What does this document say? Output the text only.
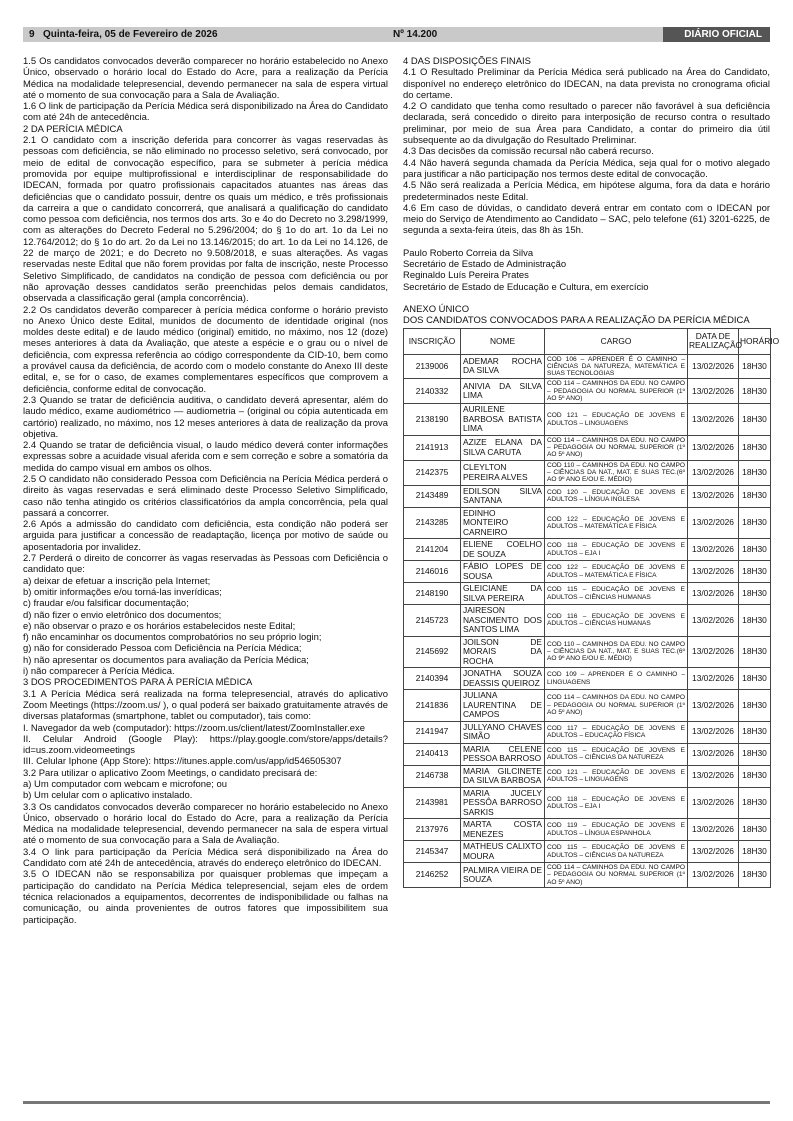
9 Quinta-feira, 05 de Fevereiro de 2026	Nº 14.200	DIÁRIO OFICIAL

1.5 Os candidatos convocados deverão comparecer no horário estabelecido no Anexo Único, observado o horário local do Estado do Acre, para a realização da Perícia Médica na modalidade telepresencial, devendo permanecer na sala de espera virtual até o momento de sua convocação para a Sala de Avaliação.

1.6 O link de participação da Perícia Médica será disponibilizado na Área do Candidato com até 24h de antecedência.

2 DA PERÍCIA MÉDICA

2.1 O candidato com a inscrição deferida para concorrer às vagas reservadas às pessoas com deficiência, se não eliminado no processo seletivo, será convocado, por meio de edital de convocação específico, para se submeter à perícia médica promovida por equipe multiprofissional e interdisciplinar de responsabilidade do IDECAN, formada por quatro profissionais capacitados atuantes nas áreas das deficiências que o candidato possuir, dentre os quais um médico, e três profissionais da carreira a que o candidato concorrerá, que analisará a qualificação do candidato como pessoa com deficiência, nos termos dos arts. 3o e 4o do Decreto no 3.298/1999, com as alterações do Decreto Federal no 5.296/2004; do § 1o do art. 1o da Lei no 12.764/2012; do § 1o do art. 2o da Lei no 13.146/2015; do art. 1o da Lei no 14.126, de 22 de março de 2021; e do Decreto no 9.508/2018, e suas alterações. As vagas reservadas neste Edital que não forem providas por falta de inscrição, neste Processo Seletivo Simplificado, de candidatos na condição de pessoa com deficiência ou por não aprovação desses candidatos serão preenchidas pelos demais candidatos, observada a classificação geral (ampla concorrência).

2.2 Os candidatos deverão comparecer à perícia médica conforme o horário previsto no Anexo Único deste Edital, munidos de documento de identidade original (nos moldes deste edital) e de laudo médico (original) emitido, no máximo, nos 12 (doze) meses anteriores à data da Avaliação, que ateste a espécie e o grau ou o nível de deficiência, com expressa referência ao código correspondente da CID-10, bem como a provável causa da deficiência, de acordo com o modelo constante do Anexo III deste edital, e, se for o caso, de exames complementares específicos que comprovem a deficiência, conforme edital de convocação.

2.3 Quando se tratar de deficiência auditiva, o candidato deverá apresentar, além do laudo médico, exame audiométrico — audiometria – (original ou cópia autenticada em cartório) realizado, no máximo, nos 12 meses anteriores à data de realização da prova objetiva.

2.4 Quando se tratar de deficiência visual, o laudo médico deverá conter informações expressas sobre a acuidade visual aferida com e sem correção e sobre a somatória da medida do campo visual em ambos os olhos.

2.5 O candidato não considerado Pessoa com Deficiência na Perícia Médica perderá o direito às vagas reservadas e será eliminado deste Processo Seletivo Simplificado, caso não tenha atingido os critérios classificatórios da ampla concorrência, pela qual passará a concorrer.

2.6 Após a admissão do candidato com deficiência, esta condição não poderá ser arguida para justificar a concessão de readaptação, licença por motivo de saúde ou aposentadoria por invalidez.

2.7 Perderá o direito de concorrer às vagas reservadas às Pessoas com Deficiência o candidato que:

a) deixar de efetuar a inscrição pela Internet;

b) omitir informações e/ou torná-las inverídicas;

c) fraudar e/ou falsificar documentação;

d) não fizer o envio eletrônico dos documentos;

e) não observar o prazo e os horários estabelecidos neste Edital;

f) não encaminhar os documentos comprobatórios no seu próprio login;

g) não for considerado Pessoa com Deficiência na Perícia Médica;

h) não apresentar os documentos para avaliação da Perícia Médica;

i) não comparecer à Perícia Médica.

3 DOS PROCEDIMENTOS PARA À PERÍCIA MÉDICA

3.1 A Perícia Médica será realizada na forma telepresencial, através do aplicativo Zoom Meetings (https://zoom.us/ ), o qual poderá ser baixado gratuitamente através de diversas plataformas (smartphone, tablet ou computador), tais como:

I. Navegador da web (computador): https://zoom.us/client/latest/ZoomInstaller.exe

II. Celular Android (Google Play): https://play.google.com/store/apps/details?id=us.zoom.videomeetings

III. Celular Iphone (App Store): https://itunes.apple.com/us/app/id546505307

3.2 Para utilizar o aplicativo Zoom Meetings, o candidato precisará de:

a) Um computador com webcam e microfone; ou

b) Um celular com o aplicativo instalado.

3.3 Os candidatos convocados deverão comparecer no horário estabelecido no Anexo Único, observado o horário local do Estado do Acre, para a realização da Perícia Médica na modalidade telepresencial, devendo permanecer na sala de espera virtual até o momento de sua convocação para a Sala de Avaliação.

3.4 O link para participação da Perícia Médica será disponibilizado na Área do Candidato com até 24h de antecedência, através do endereço eletrônico do IDECAN.

3.5 O IDECAN não se responsabiliza por quaisquer problemas que impeçam a participação do candidato na Perícia Médica telepresencial, sejam eles de ordem técnica relacionados a equipamentos, decorrentes de indisponibilidade ou falhas na comunicação, ou ainda provenientes de outros fatores que impossibilitem sua participação.

4 DAS DISPOSIÇÕES FINAIS

4.1 O Resultado Preliminar da Perícia Médica será publicado na Área do Candidato, disponível no endereço eletrônico do IDECAN, na data prevista no cronograma oficial do certame.

4.2 O candidato que tenha como resultado o parecer não favorável à sua deficiência declarada, será concedido o direito para interposição de recurso contra o resultado preliminar, por meio de sua Área para Candidato, a contar do primeiro dia útil subsequente ao da divulgação do Resultado Preliminar.

4.3 Das decisões da comissão recursal não caberá recurso.

4.4 Não haverá segunda chamada da Perícia Médica, seja qual for o motivo alegado para justificar a não participação nos termos deste edital de convocação.

4.5 Não será realizada a Perícia Médica, em hipótese alguma, fora da data e horário predeterminados neste Edital.

4.6 Em caso de dúvidas, o candidato deverá entrar em contato com o IDECAN por meio do Serviço de Atendimento ao Candidato – SAC, pelo telefone (61) 3201-6225, de segunda a sexta-feira úteis, das 8h às 15h.

Paulo Roberto Correia da Silva

Secretário de Estado de Administração

Reginaldo Luís Pereira Prates

Secretário de Estado de Educação e Cultura, em exercício

ANEXO ÚNICO
DOS CANDIDATOS CONVOCADOS PARA A REALIZAÇÃO DA PERÍCIA MÉDICA
INSCRIÇÃO	NOME	CARGO	DATA DE REALIZAÇÃO	HORÁRIO
2139006	ADEMAR ROCHA DA SILVA	COD 106 – APRENDER É O CAMINHO – CIÊNCIAS DA NATUREZA, MATEMÁTICA E SUAS TECNOLOGIAS	13/02/2026	18H30
2140332	ANIVIA DA SILVA LIMA	COD 114 – CAMINHOS DA EDU. NO CAMPO – PEDAGOGIA OU NORMAL SUPERIOR (1º AO 5º ANO)	13/02/2026	18H30
2138190	AURILENE BARBOSA BATISTA LIMA	COD 121 – EDUCAÇÃO DE JOVENS E ADULTOS – LINGUAGENS	13/02/2026	18H30
2141913	AZIZE ELANA DA SILVA CARUTA	COD 114 – CAMINHOS DA EDU. NO CAMPO – PEDAGOGIA OU NORMAL SUPERIOR (1º AO 5º ANO)	13/02/2026	18H30
2142375	CLEYLTON PEREIRA ALVES	COD 110 – CAMINHOS DA EDU. NO CAMPO – CIÊNCIAS DA NAT., MAT. E SUAS TEC.(6º AO 9º ANO E/OU E. MÉDIO)	13/02/2026	18H30
2143489	EDILSON SILVA SANTANA	COD 120 – EDUCAÇÃO DE JOVENS E ADULTOS – LÍNGUA INGLESA	13/02/2026	18H30
2143285	EDINHO MONTEIRO CARNEIRO	COD 122 – EDUCAÇÃO DE JOVENS E ADULTOS – MATEMÁTICA E FÍSICA	13/02/2026	18H30
2141204	ELIENE COELHO DE SOUZA	COD 118 – EDUCAÇÃO DE JOVENS E ADULTOS – EJA I	13/02/2026	18H30
2146016	FÁBIO LOPES DE SOUSA	COD 122 – EDUCAÇÃO DE JOVENS E ADULTOS – MATEMÁTICA E FÍSICA	13/02/2026	18H30
2148190	GLEICIANE DA SILVA PEREIRA	COD 115 – EDUCAÇÃO DE JOVENS E ADULTOS – CIÊNCIAS HUMANAS	13/02/2026	18H30
2145723	JAIRESON NASCIMENTO DOS SANTOS LIMA	COD 116 – EDUCAÇÃO DE JOVENS E ADULTOS – CIÊNCIAS HUMANAS	13/02/2026	18H30
2145692	JOILSON DE MORAIS DA ROCHA	COD 110 – CAMINHOS DA EDU. NO CAMPO – CIÊNCIAS DA NAT., MAT. E SUAS TEC.(6º AO 9º ANO E/OU E. MÉDIO)	13/02/2026	18H30
2140394	JONATHA SOUZA DEASSIS QUEIROZ	COD 109 – APRENDER É O CAMINHO – LINGUAGENS	13/02/2026	18H30
2141836	JULIANA LAURENTINA DE CAMPOS	COD 114 – CAMINHOS DA EDU. NO CAMPO – PEDAGOGIA OU NORMAL SUPERIOR (1º AO 5º ANO)	13/02/2026	18H30
2141947	JULLYANO CHAVES SIMÃO	COD 117 – EDUCAÇÃO DE JOVENS E ADULTOS – EDUCAÇÃO FÍSICA	13/02/2026	18H30
2140413	MARIA CELENE PESSOA BARROSO	COD 115 – EDUCAÇÃO DE JOVENS E ADULTOS – CIÊNCIAS DA NATUREZA	13/02/2026	18H30
2146738	MARIA GILCINETE DA SILVA BARBOSA	COD 121 – EDUCAÇÃO DE JOVENS E ADULTOS – LINGUAGENS	13/02/2026	18H30
2143981	MARIA JUCELY PESSÔA BARROSO SARKIS	COD 118 – EDUCAÇÃO DE JOVENS E ADULTOS – EJA I	13/02/2026	18H30
2137976	MARTA COSTA MENEZES	COD 119 – EDUCAÇÃO DE JOVENS E ADULTOS – LÍNGUA ESPANHOLA	13/02/2026	18H30
2145347	MATHEUS CALIXTO MOURA	COD 115 – EDUCAÇÃO DE JOVENS E ADULTOS – CIÊNCIAS DA NATUREZA	13/02/2026	18H30
2146252	PALMIRA VIEIRA DE SOUZA	COD 114 – CAMINHOS DA EDU. NO CAMPO – PEDAGOGIA OU NORMAL SUPERIOR (1º AO 5º ANO)	13/02/2026	18H30
